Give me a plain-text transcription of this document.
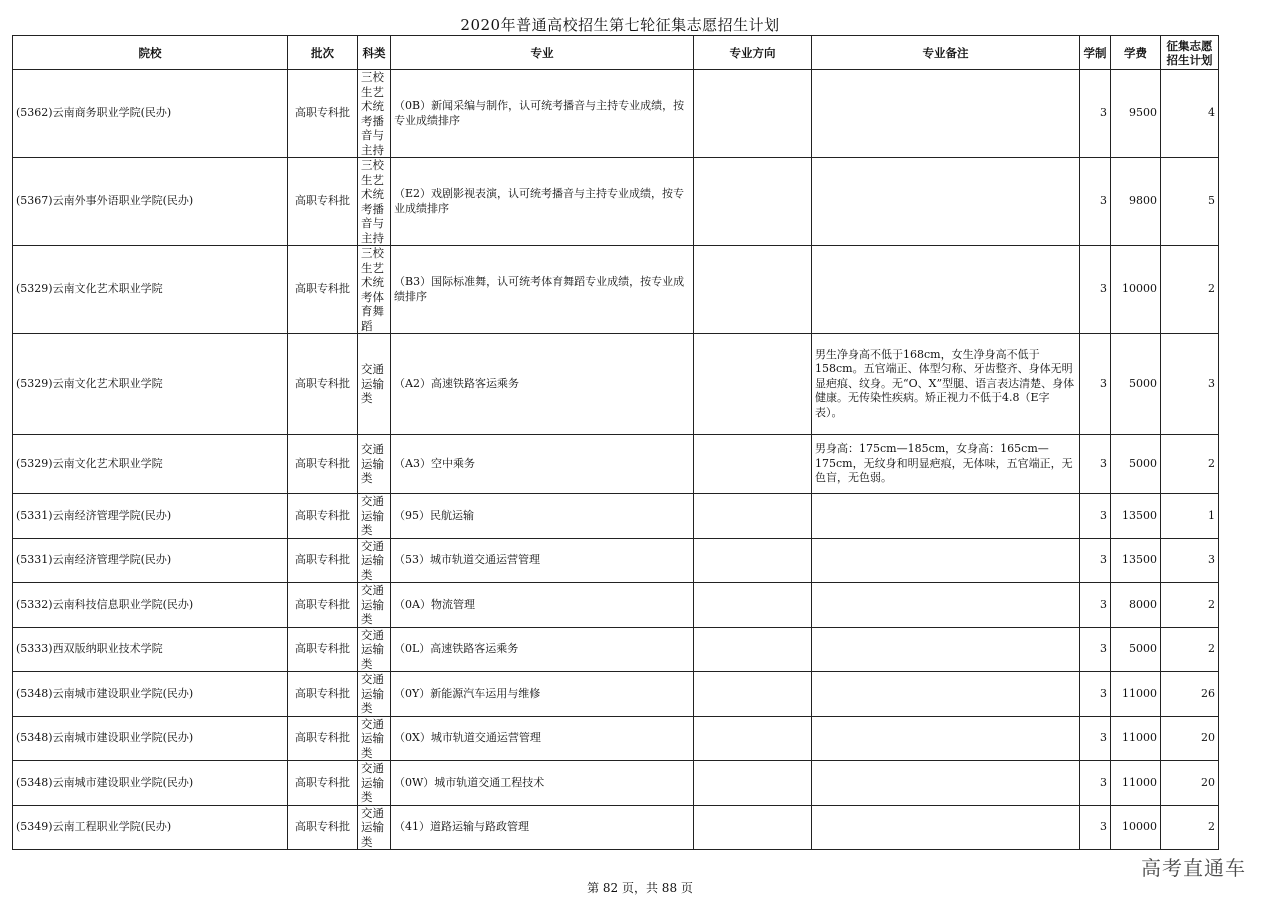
2020年普通高校招生第七轮征集志愿招生计划
院校	批次	科类	专业	专业方向	专业备注	学制	学费	征集志愿招生计划
(5362)云南商务职业学院(民办)	高职专科批	三校生艺术统考播音与主持	（0B）新闻采编与制作，认可统考播音与主持专业成绩，按专业成绩排序			3	9500	4
(5367)云南外事外语职业学院(民办)	高职专科批	三校生艺术统考播音与主持	（E2）戏剧影视表演，认可统考播音与主持专业成绩，按专业成绩排序			3	9800	5
(5329)云南文化艺术职业学院	高职专科批	三校生艺术统考体育舞蹈	（B3）国际标准舞，认可统考体育舞蹈专业成绩，按专业成绩排序			3	10000	2
(5329)云南文化艺术职业学院	高职专科批	交通运输类	（A2）高速铁路客运乘务		男生净身高不低于168cm，女生净身高不低于158cm。五官端正、体型匀称、牙齿整齐、身体无明显疤痕、纹身。无“O、X”型腿、语言表达清楚、身体健康。无传染性疾病。矫正视力不低于4.8（E字表）。	3	5000	3
(5329)云南文化艺术职业学院	高职专科批	交通运输类	（A3）空中乘务		男身高：175cm—185cm，女身高：165cm—175cm，无纹身和明显疤痕，无体味，五官端正，无色盲，无色弱。	3	5000	2
(5331)云南经济管理学院(民办)	高职专科批	交通运输类	（95）民航运输			3	13500	1
(5331)云南经济管理学院(民办)	高职专科批	交通运输类	（53）城市轨道交通运营管理			3	13500	3
(5332)云南科技信息职业学院(民办)	高职专科批	交通运输类	（0A）物流管理			3	8000	2
(5333)西双版纳职业技术学院	高职专科批	交通运输类	（0L）高速铁路客运乘务			3	5000	2
(5348)云南城市建设职业学院(民办)	高职专科批	交通运输类	（0Y）新能源汽车运用与维修			3	11000	26
(5348)云南城市建设职业学院(民办)	高职专科批	交通运输类	（0X）城市轨道交通运营管理			3	11000	20
(5348)云南城市建设职业学院(民办)	高职专科批	交通运输类	（0W）城市轨道交通工程技术			3	11000	20
(5349)云南工程职业学院(民办)	高职专科批	交通运输类	（41）道路运输与路政管理			3	10000	2
高考直通车
第 82 页，共 88 页
